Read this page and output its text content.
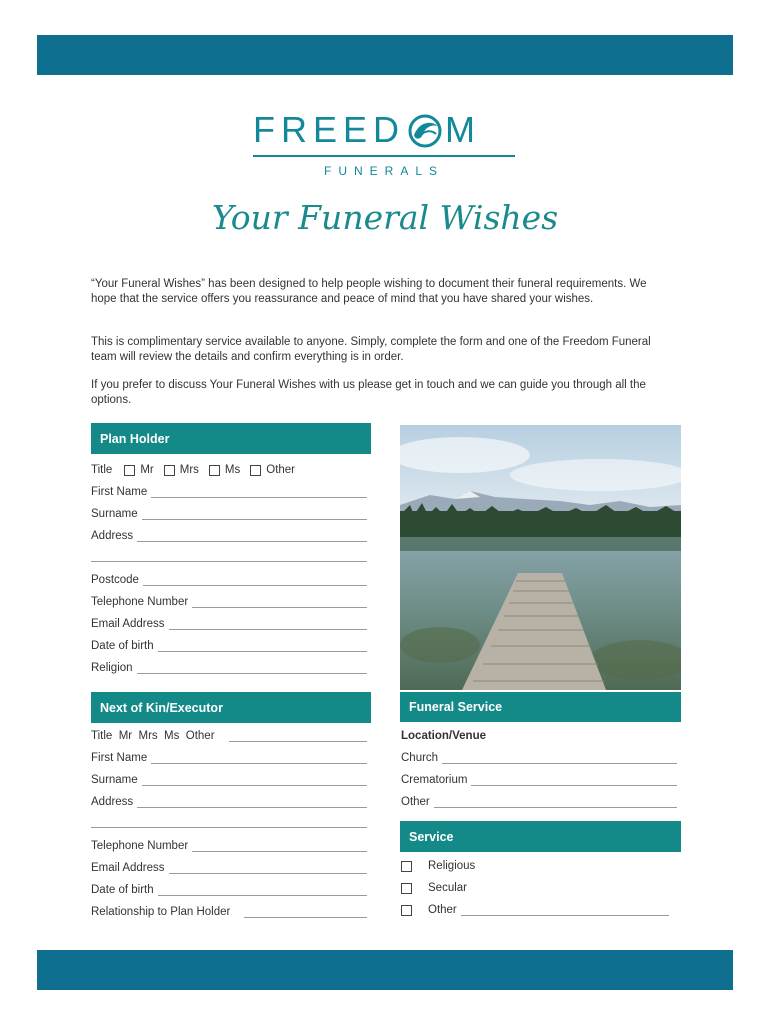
FREED M
FUNERALS
Your Funeral Wishes

“Your Funeral Wishes” has been designed to help people wishing to document their funeral requirements. We hope that the service offers you reassurance and peace of mind that you have shared your wishes.

This is complimentary service available to anyone. Simply, complete the form and one of the Freedom Funeral team will review the details and confirm everything is in order.

If you prefer to discuss Your Funeral Wishes with us please get in touch and we can guide you through all the options.

Plan Holder
Title Mr Mrs Ms Other
First Name
Surname
Address
Postcode
Telephone Number
Email Address
Date of birth
Religion
Next of Kin/Executor
Title  Mr  Mrs  Ms  Other
First Name
Surname
Address
Telephone Number
Email Address
Date of birth
Relationship to Plan Holder
Funeral Service
Location/Venue
Church
Crematorium
Other
Service
Religious
Secular
Other
